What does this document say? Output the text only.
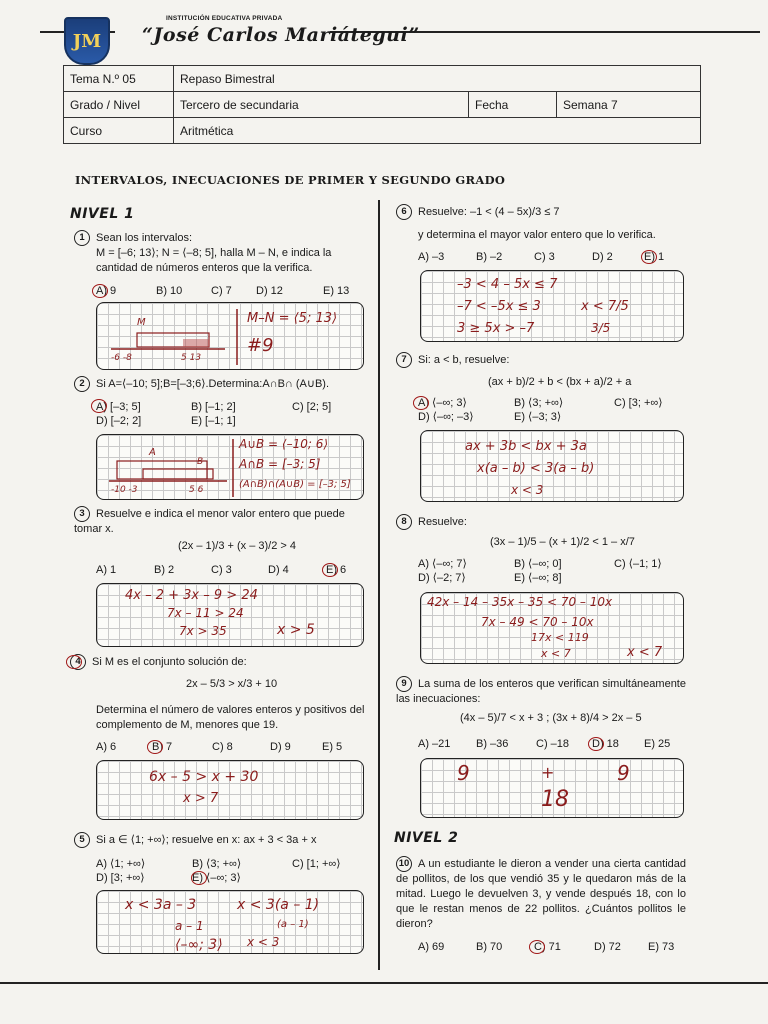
JM
INSTITUCIÓN EDUCATIVA PRIVADA
“José Carlos Mariátegui”
Tema N.º 05	Repaso Bimestral		
Grado / Nivel	Tercero de secundaria	Fecha	Semana 7
Curso	Aritmética		
INTERVALOS, INECUACIONES DE PRIMER Y SEGUNDO GRADO
NIVEL 1
1 Sean los intervalos:
M = [–6; 13⟩; N = ⟨–8; 5], halla M – N, e indica la cantidad de números enteros que la verifica.
A) 9	B) 10	C) 7 D) 12	E) 13
M
-6 -8	5 13
M–N = ⟨5; 13⟩
#9
2 Si A=⟨–10; 5];B=[–3;6⟩.Determina:A∩B∩ (A∪B).
A) [–3; 5]	B) [–1; 2]	C) [2; 5]
D) [–2; 2]	E) [–1; 1]
A
B
-10 -3	5 6
A∪B = ⟨–10; 6⟩
A∩B = [–3; 5]
(A∩B)∩(A∪B) = [–3; 5]
3 Resuelve e indica el menor valor entero que puede tomar x.
(2x – 1)/3 + (x – 3)/2 > 4
A) 1	B) 2	C) 3	D) 4	E) 6
4x – 2 + 3x – 9 > 24
7x – 11 > 24
7x > 35	x > 5
4 Si M es el conjunto solución de:
2x – 5/3 > x/3 + 10
Determina el número de valores enteros y positivos del complemento de M, menores que 19.
A) 6	B) 7	C) 8	D) 9	E) 5
6x – 5 > x + 30
x > 7
5 Si a ∈ ⟨1; +∞⟩; resuelve en x: ax + 3 < 3a + x
A) ⟨1; +∞⟩	B) ⟨3; +∞⟩	C) [1; +∞⟩
D) [3; +∞⟩	E) ⟨–∞; 3⟩
x < 3a – 3
a – 1
x < 3(a – 1)
(a – 1)
x < 3
⟨–∞; 3⟩
6 Resuelve: –1 < (4 – 5x)/3 ≤ 7
y determina el mayor valor entero que lo verifica.
A) –3	B) –2	C) 3	D) 2	E) 1
–3 < 4 – 5x ≤ 7
–7 < –5x ≤ 3
3 ≥ 5x > –7
x < 7/5
3/5
7 Si: a < b, resuelve:
(ax + b)/2 + b < (bx + a)/2 + a
A) ⟨–∞; 3⟩	B) ⟨3; +∞⟩	C) [3; +∞⟩
D) ⟨–∞; –3⟩	E) ⟨–3; 3⟩
ax + 3b < bx + 3a
x(a – b) < 3(a – b)
x < 3
8 Resuelve:
(3x – 1)/5 – (x + 1)/2 < 1 – x/7
A) ⟨–∞; 7⟩	B) ⟨–∞; 0]	C) ⟨–1; 1⟩
D) ⟨–2; 7⟩	E) ⟨–∞; 8]
42x – 14 – 35x – 35 < 70 – 10x
7x – 49 < 70 – 10x
17x < 119
x < 7	x < 7
9 La suma de los enteros que verifican simultáneamente las inecuaciones:
(4x – 5)/7 < x + 3 ; (3x + 8)/4 > 2x – 5
A) –21 B) –36	C) –18 D) 18 E) 25
9	+	9
18
NIVEL 2
10 A un estudiante le dieron a vender una cierta cantidad de pollitos, de los que vendió 35 y le quedaron más de la mitad. Luego le devuelven 3, y vende después 18, con lo que le restan menos de 22 pollitos. ¿Cuántos pollitos le dieron?
A) 69	B) 70	C) 71	D) 72 E) 73
